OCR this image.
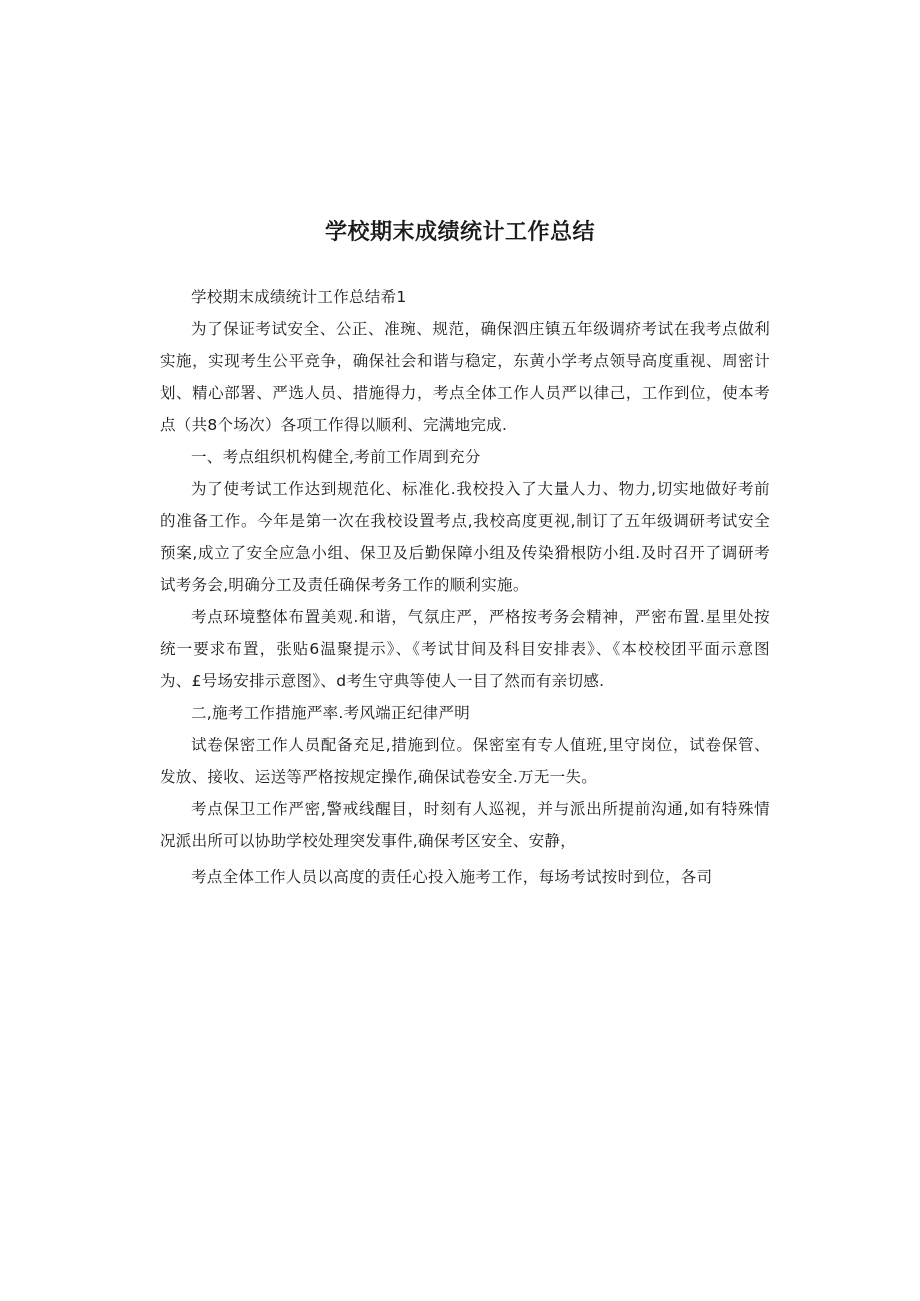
学校期末成绩统计工作总结

学校期末成绩统计工作总结希1

为了保证考试安全、公正、准琬、规范，确保泗庄镇五年级调疥考试在我考点做利实施，实现考生公平竞争，确保社会和谐与稳定，东黄小学考点领导高度重视、周密计划、精心部署、严选人员、措施得力，考点全体工作人员严以律己，工作到位，使本考点（共8个场次）各项工作得以顺利、完满地完成.

一、考点组织机构健全,考前工作周到充分

为了使考试工作达到规范化、标准化.我校投入了大量人力、物力,切实地做好考前的准备工作。今年是第一次在我校设置考点,我校高度更视,制订了五年级调研考试安全预案,成立了安全应急小组、保卫及后勤保障小组及传染猾根防小组.及时召开了调研考试考务会,明确分工及责任确保考务工作的顺利实施。

考点环境整体布置美观.和谐，气氛庄严，严格按考务会精神，严密布置.星里处按统一要求布置，张贴6温聚提示》、《考试甘间及科目安排表》、《本校校团平面示意图为、£号场安排示意图》、d考生守典等使人一目了然而有亲切感.

二,施考工作措施严率.考风端正纪律严明

试卷保密工作人员配备充足,措施到位。保密室有专人值班,里守岗位，试卷保管、发放、接收、运送等严格按规定操作,确保试卷安全.万无一失。

考点保卫工作严密,警戒线醒目，时刻有人巡视，并与派出所提前沟通,如有特殊情况派出所可以协助学校处理突发事件,确保考区安全、安静，

考点全体工作人员以高度的责任心投入施考工作，每场考试按时到位，各司
